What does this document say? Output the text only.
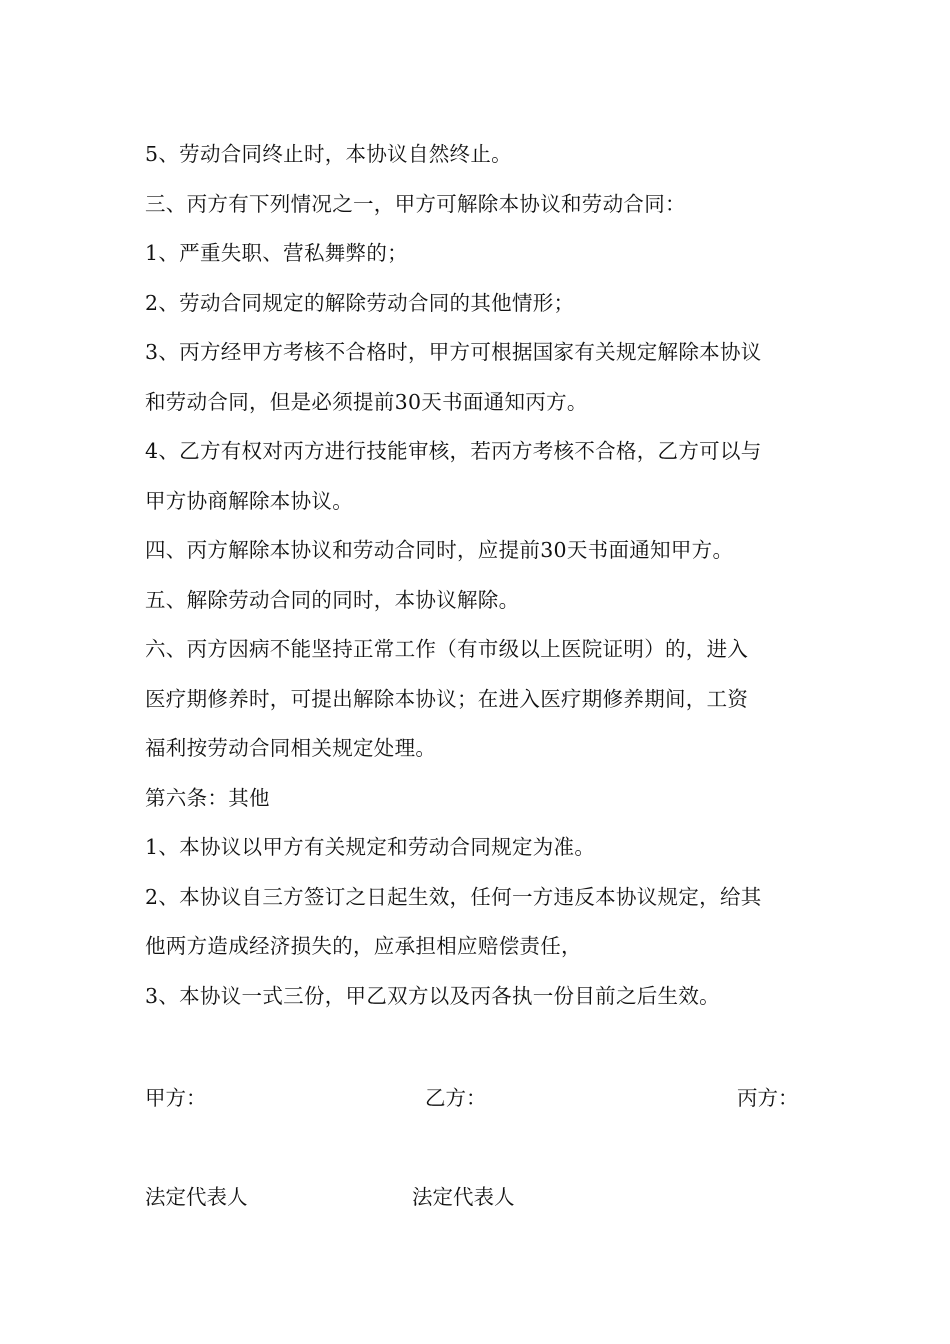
5、劳动合同终止时，本协议自然终止。
三、丙方有下列情况之一，甲方可解除本协议和劳动合同：
1、严重失职、营私舞弊的；
2、劳动合同规定的解除劳动合同的其他情形；
3、丙方经甲方考核不合格时，甲方可根据国家有关规定解除本协议
和劳动合同，但是必须提前30天书面通知丙方。
4、乙方有权对丙方进行技能审核，若丙方考核不合格，乙方可以与
甲方协商解除本协议。
四、丙方解除本协议和劳动合同时，应提前30天书面通知甲方。
五、解除劳动合同的同时，本协议解除。
六、丙方因病不能坚持正常工作（有市级以上医院证明）的，进入
医疗期修养时，可提出解除本协议；在进入医疗期修养期间，工资
福利按劳动合同相关规定处理。
第六条：其他
1、本协议以甲方有关规定和劳动合同规定为准。
2、本协议自三方签订之日起生效，任何一方违反本协议规定，给其
他两方造成经济损失的，应承担相应赔偿责任，
3、本协议一式三份，甲乙双方以及丙各执一份目前之后生效。
甲方：	乙方：	丙方：
法定代表人	法定代表人
